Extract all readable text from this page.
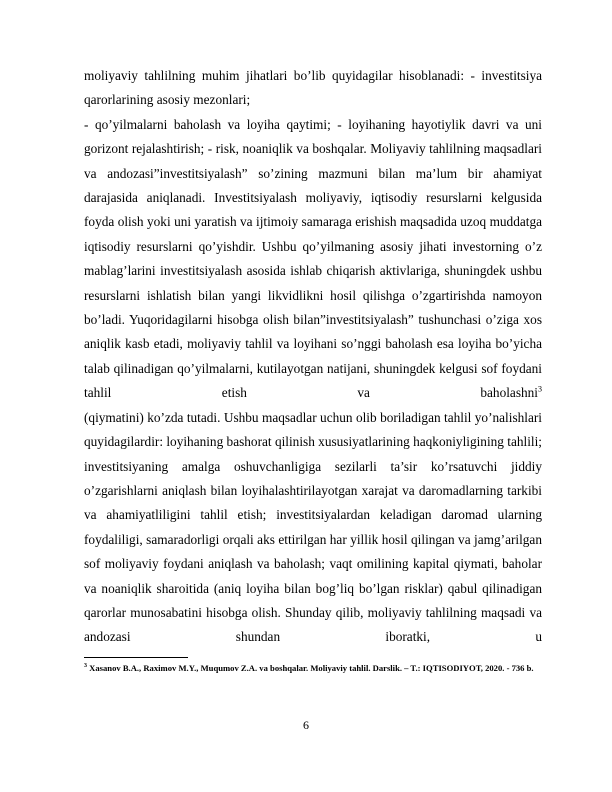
moliyaviy tahlilning muhim jihatlari bo’lib quyidagilar hisoblanadi: - investitsiya qarorlarining asosiy mezonlari;

- qo’yilmalarni baholash va loyiha qaytimi; - loyihaning hayotiylik davri va uni gorizont rejalashtirish; - risk, noaniqlik va boshqalar. Moliyaviy tahlilning maqsadlari va andozasi”investitsiyalash” so’zining mazmuni bilan ma’lum bir ahamiyat darajasida aniqlanadi. Investitsiyalash moliyaviy, iqtisodiy resurslarni kelgusida foyda olish yoki uni yaratish va ijtimoiy samaraga erishish maqsadida uzoq muddatga iqtisodiy resurslarni qo’yishdir. Ushbu qo’yilmaning asosiy jihati investorning o’z mablag’larini investitsiyalash asosida ishlab chiqarish aktivlariga, shuningdek ushbu resurslarni ishlatish bilan yangi likvidlikni hosil qilishga o’zgartirishda namoyon bo’ladi. Yuqoridagilarni hisobga olish bilan”investitsiyalash” tushunchasi o’ziga xos aniqlik kasb etadi, moliyaviy tahlil va loyihani so’nggi baholash esa loyiha bo’yicha talab qilinadigan qo’yilmalarni, kutilayotgan natijani, shuningdek kelgusi sof foydani tahlil etish va baholashni$^3$

(qiymatini) ko’zda tutadi. Ushbu maqsadlar uchun olib boriladigan tahlil yo’nalishlari quyidagilardir: loyihaning bashorat qilinish xususiyatlarining haqkoniyligining tahlili; investitsiyaning amalga oshuvchanligiga sezilarli ta’sir ko’rsatuvchi jiddiy o’zgarishlarni aniqlash bilan loyihalashtirilayotgan xarajat va daromadlarning tarkibi va ahamiyatliligini tahlil etish; investitsiyalardan keladigan daromad ularning foydaliligi, samaradorligi orqali aks ettirilgan har yillik hosil qilingan va jamg’arilgan sof moliyaviy foydani aniqlash va baholash; vaqt omilining kapital qiymati, baholar va noaniqlik sharoitida (aniq loyiha bilan bog’liq bo’lgan risklar) qabul qilinadigan qarorlar munosabatini hisobga olish. Shunday qilib, moliyaviy tahlilning maqsadi va andozasi shundan iboratki, u

$^3$ Xasanov B.A., Raximov M.Y., Muqumov Z.A. va boshqalar. Moliyaviy tahlil. Darslik. – T.: IQTISODIYOT, 2020. - 736 b.
6
